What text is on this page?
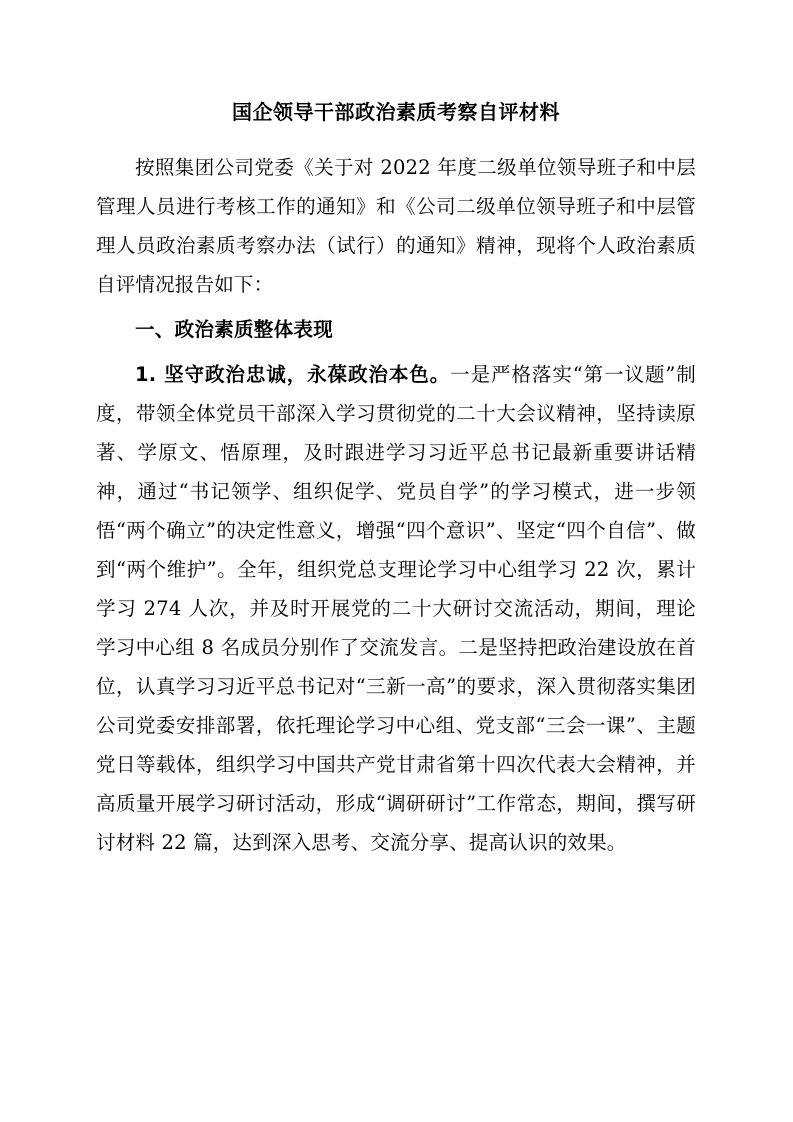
国企领导干部政治素质考察自评材料

按照集团公司党委《关于对 2022 年度二级单位领导班子和中层管理人员进行考核工作的通知》和《公司二级单位领导班子和中层管理人员政治素质考察办法（试行）的通知》精神，现将个人政治素质自评情况报告如下：

一、政治素质整体表现

1. 坚守政治忠诚，永葆政治本色。一是严格落实“第一议题”制度，带领全体党员干部深入学习贯彻党的二十大会议精神，坚持读原著、学原文、悟原理，及时跟进学习习近平总书记最新重要讲话精神，通过“书记领学、组织促学、党员自学”的学习模式，进一步领悟“两个确立”的决定性意义，增强“四个意识”、坚定“四个自信”、做到“两个维护”。全年，组织党总支理论学习中心组学习 22 次，累计学习 274 人次，并及时开展党的二十大研讨交流活动，期间，理论学习中心组 8 名成员分别作了交流发言。二是坚持把政治建设放在首位，认真学习习近平总书记对“三新一高”的要求，深入贯彻落实集团公司党委安排部署，依托理论学习中心组、党支部“三会一课”、主题党日等载体，组织学习中国共产党甘肃省第十四次代表大会精神，并高质量开展学习研讨活动，形成“调研研讨”工作常态，期间，撰写研讨材料 22 篇，达到深入思考、交流分享、提高认识的效果。
